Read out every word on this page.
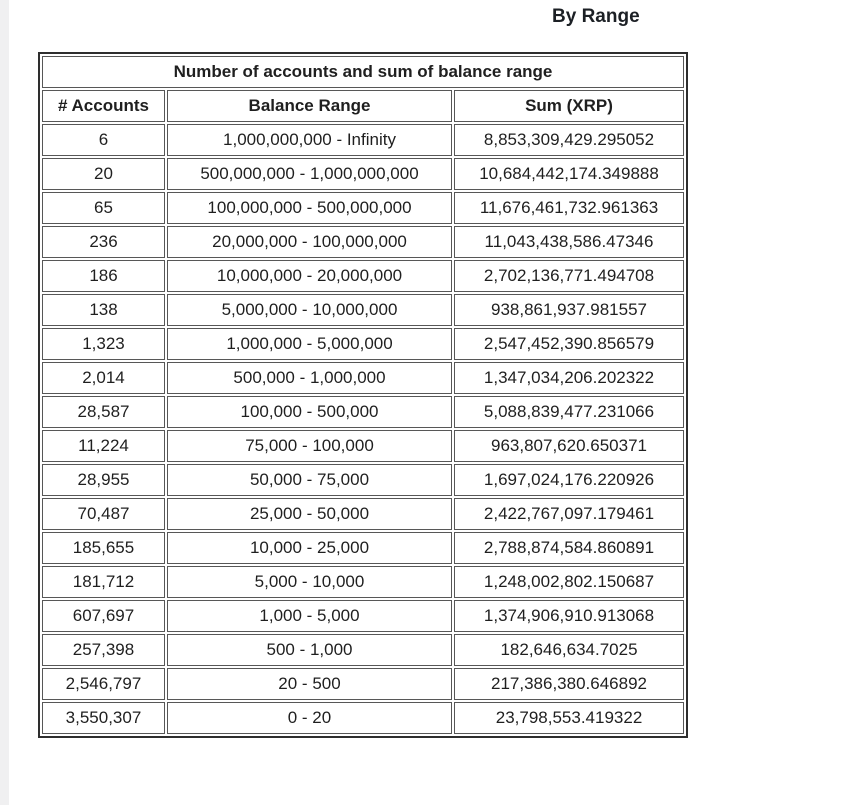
By Range
Number of accounts and sum of balance range		
# Accounts	Balance Range	Sum (XRP)
6	1,000,000,000 - Infinity	8,853,309,429.295052
20	500,000,000 - 1,000,000,000	10,684,442,174.349888
65	100,000,000 - 500,000,000	11,676,461,732.961363
236	20,000,000 - 100,000,000	11,043,438,586.47346
186	10,000,000 - 20,000,000	2,702,136,771.494708
138	5,000,000 - 10,000,000	938,861,937.981557
1,323	1,000,000 - 5,000,000	2,547,452,390.856579
2,014	500,000 - 1,000,000	1,347,034,206.202322
28,587	100,000 - 500,000	5,088,839,477.231066
11,224	75,000 - 100,000	963,807,620.650371
28,955	50,000 - 75,000	1,697,024,176.220926
70,487	25,000 - 50,000	2,422,767,097.179461
185,655	10,000 - 25,000	2,788,874,584.860891
181,712	5,000 - 10,000	1,248,002,802.150687
607,697	1,000 - 5,000	1,374,906,910.913068
257,398	500 - 1,000	182,646,634.7025
2,546,797	20 - 500	217,386,380.646892
3,550,307	0 - 20	23,798,553.419322
